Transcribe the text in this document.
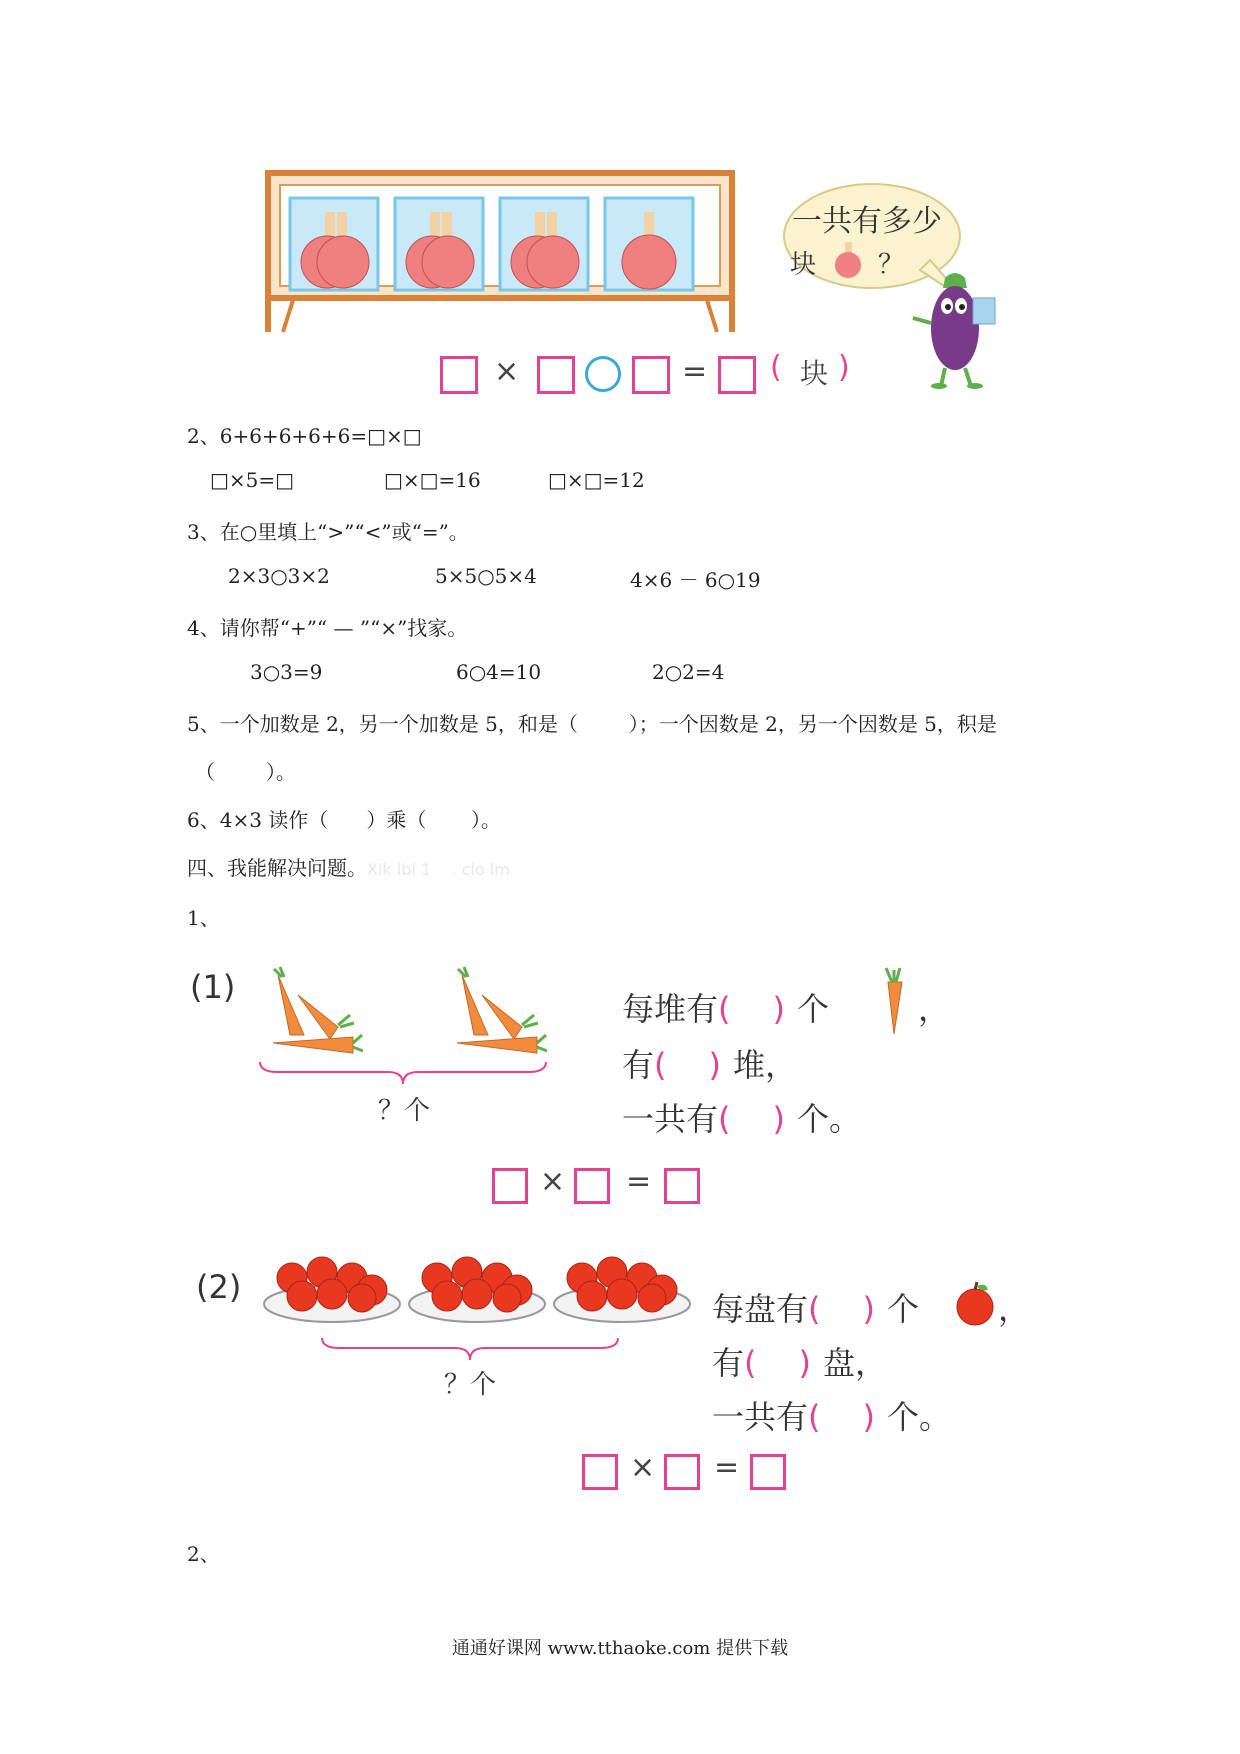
一共有多少
块 ？
×	= ( 块 )
2、6+6+6+6+6=□×□
□×5=□	□×□=16	□×□=12
3、在○里填上“>”“<”或“=”。
2×3○3×2	5×5○5×4	4×6 － 6○19
4、请你帮“+”“ — ”“×”找家。
3○3=9	6○4=10	2○2=4
5、一个加数是 2，另一个加数是 5，和是（        ）；一个因数是 2，另一个因数是 5，积是
（        ）。
6、4×3 读作（      ）乘（       ）。
四、我能解决问题。Xlk lbl 1    . clo lm
1、
(1)
？个
每堆有( ) 个	，
有( ) 堆，
一共有( ) 个。
× =
(2)
？个
每盘有( ) 个 ，
有( ) 盘，
一共有( ) 个。
× =
2、
通通好课网 www.tthaoke.com 提供下载
